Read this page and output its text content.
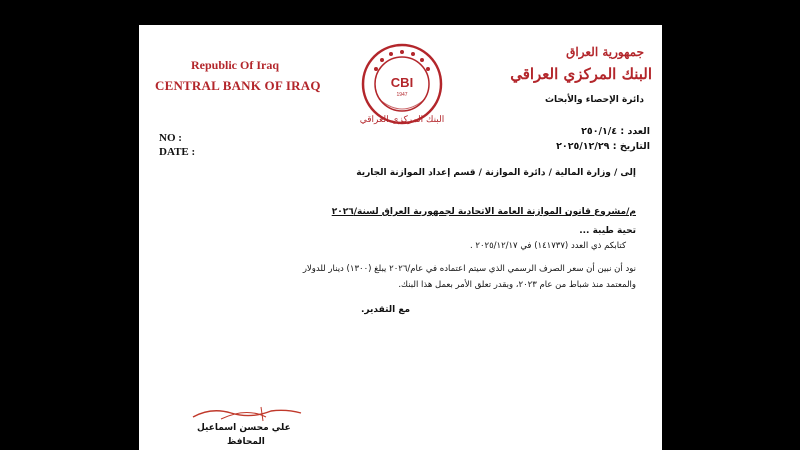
Republic Of Iraq
CENTRAL BANK OF IRAQ	CBI
1947
البنك المركزي العراقي
جمهورية العراق
البنك المركزي العراقي
دائرة الإحصاء والأبحاث
NO :
DATE :
العدد : ٢٥٠/١/٤
التاريخ : ٢٠٢٥/١٢/٢٩
إلى / وزارة المالية / دائرة الموازنة / قسم إعداد الموازنة الجارية
م/مشروع قانون الموازنة العامة الاتحادية لجمهورية العراق لسنة/٢٠٢٦
تحية طيبة ...
كتابكم ذي العدد (١٤١٧٣٧) في ٢٠٢٥/١٢/١٧ .
نود أن نبين أن سعر الصرف الرسمي الذي سيتم اعتماده في عام/٢٠٢٦ يبلغ (١٣٠٠) دينار للدولار
والمعتمد منذ شباط من عام ٢٠٢٣، وبقدر تعلق الأمر بعمل هذا البنك.
مع التقدير.
علي محسن اسماعيل
المحافظ
